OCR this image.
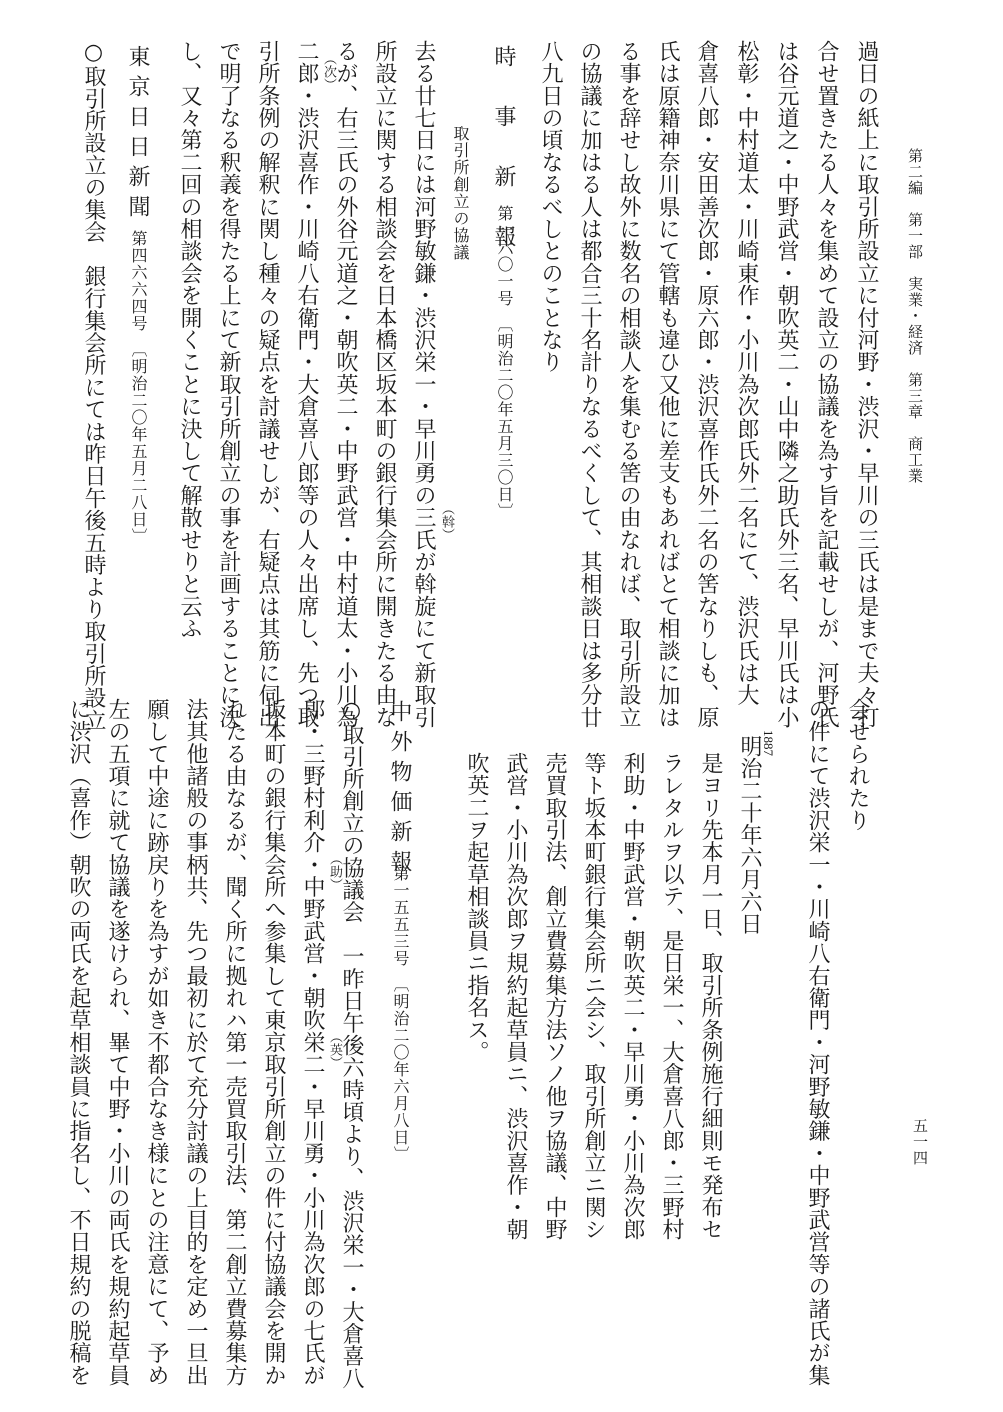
第二編　第一部　実業・経済　第三章　商工業
五一四
過日の紙上に取引所設立に付河野・渋沢・早川の三氏は是まで夫々打
合せ置きたる人々を集めて設立の協議を為す旨を記載せしが、河野氏
は谷元道之・中野武営・朝吹英二・山中隣之助氏外三名、早川氏は小
松彰・中村道太・川崎東作・小川為次郎氏外二名にて、渋沢氏は大
倉喜八郎・安田善次郎・原六郎・渋沢喜作氏外二名の筈なりしも、原
氏は原籍神奈川県にて管轄も違ひ又他に差支もあればとて相談に加は
る事を辞せし故外に数名の相談人を集むる筈の由なれば、取引所設立
の協議に加はる人は都合三十名計りなるべくして、其相談日は多分廿
八九日の頃なるべしとのことなり
時　事　新　報
第一六〇一号　〔明治二〇年五月三〇日〕
取引所創立の協議
去る廿七日には河野敏鎌・渋沢栄一・早川勇の三氏が斡旋にて新取引 （斡）
所設立に関する相談会を日本橋区坂本町の銀行集会所に開きたる由な
るが、右三氏の外谷元道之・朝吹英二・中野武営・中村道太・小川為
二郎・渋沢喜作・川崎八右衛門・大倉喜八郎等の人々出席し、先つ取 （次）
引所条例の解釈に関し種々の疑点を討議せしが、右疑点は其筋に伺出
で明了なる釈義を得たる上にて新取引所創立の事を計画することに決
し、又々第二回の相談会を開くことに決して解散せりと云ふ
東京日日新聞
第四六六四号　〔明治二〇年五月二八日〕
○取引所設立の集会　銀行集会所にては昨日午後五時より取引所設立
会せられたり
の件にて渋沢栄一・川崎八右衛門・河野敏鎌・中野武営等の諸氏が集
1887
明治二十年六月六日
是ヨリ先本月一日、取引所条例施行細則モ発布セ
ラレタルヲ以テ、是日栄一、大倉喜八郎・三野村
利助・中野武営・朝吹英二・早川勇・小川為次郎
等ト坂本町銀行集会所ニ会シ、取引所創立ニ関シ
売買取引法、創立費募集方法ソノ他ヲ協議、中野
武営・小川為次郎ヲ規約起草員ニ、渋沢喜作・朝
吹英二ヲ起草相談員ニ指名ス。
中外物価新報
第一五五三号　〔明治二〇年六月八日〕
○取引所創立の協議会　一昨日午後六時頃より、渋沢栄一・大倉喜八
郎・三野村利介・中野武営・朝吹栄二・早川勇・小川為次郎の七氏が （助）
（英）
坂本町の銀行集会所へ参集して東京取引所創立の件に付協議会を開か
れたる由なるが、聞く所に拠れハ第一売買取引法、第二創立費募集方
法其他諸般の事柄共、先つ最初に於て充分討議の上目的を定め一旦出
願して中途に跡戻りを為すが如き不都合なき様にとの注意にて、予め
左の五項に就て協議を遂けられ、畢て中野・小川の両氏を規約起草員
に渋沢（喜作）朝吹の両氏を起草相談員に指名し、不日規約の脱稿を
